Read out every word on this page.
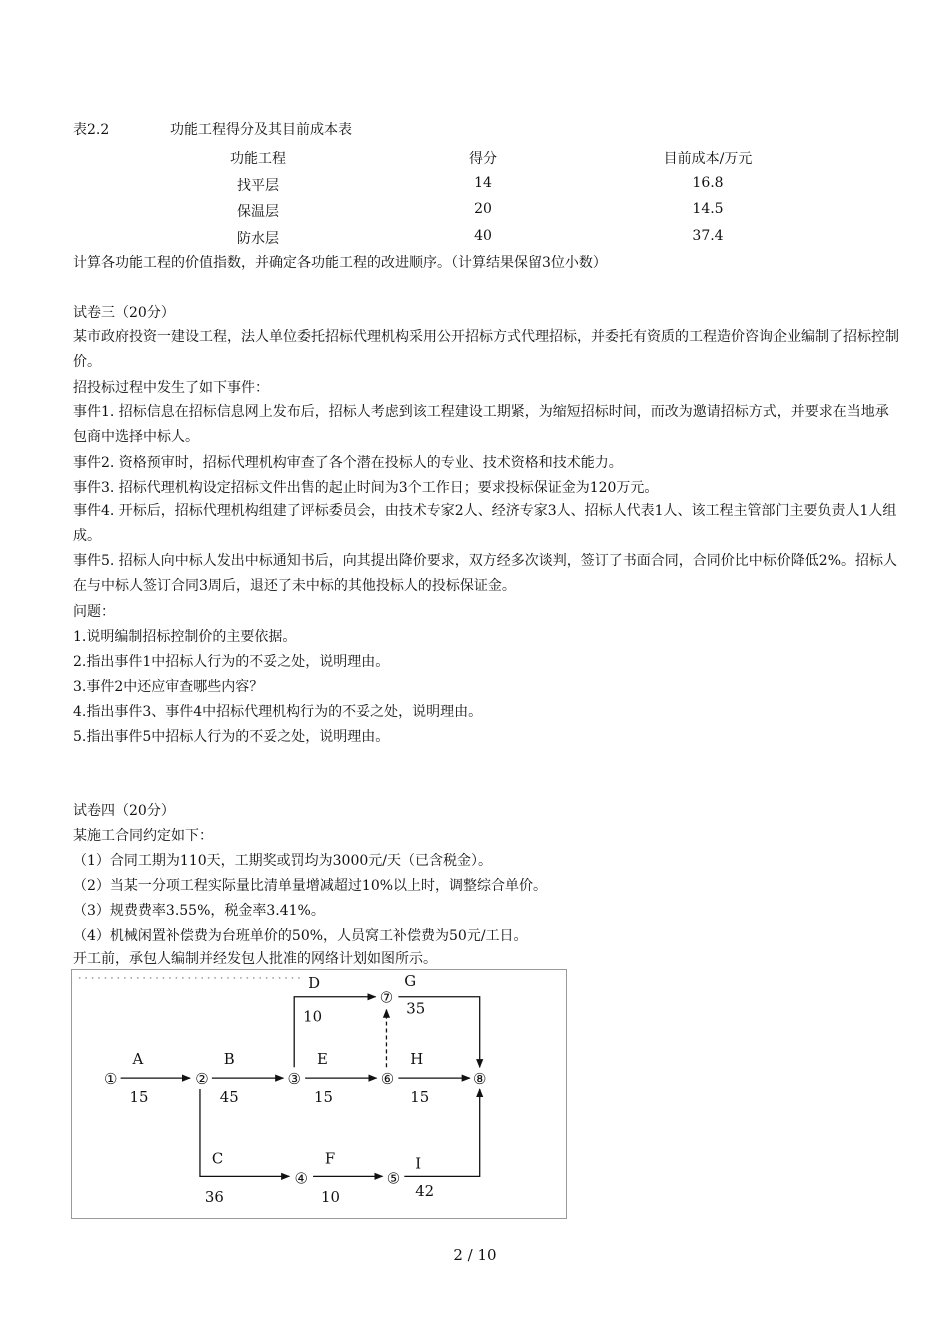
表2.2	功能工程得分及其目前成本表
功能工程	得分	目前成本/万元
找平层	14	16.8
保温层	20	14.5
防水层	40	37.4
计算各功能工程的价值指数，并确定各功能工程的改进顺序。（计算结果保留3位小数）
试卷三（20分）
某市政府投资一建设工程，法人单位委托招标代理机构采用公开招标方式代理招标，并委托有资质的工程造价咨询企业编制了招标控制价。
招投标过程中发生了如下事件：
事件1. 招标信息在招标信息网上发布后，招标人考虑到该工程建设工期紧，为缩短招标时间，而改为邀请招标方式，并要求在当地承包商中选择中标人。
事件2. 资格预审时，招标代理机构审查了各个潜在投标人的专业、技术资格和技术能力。
事件3. 招标代理机构设定招标文件出售的起止时间为3个工作日；要求投标保证金为120万元。
事件4. 开标后，招标代理机构组建了评标委员会，由技术专家2人、经济专家3人、招标人代表1人、该工程主管部门主要负责人1人组成。
事件5. 招标人向中标人发出中标通知书后，向其提出降价要求，双方经多次谈判，签订了书面合同，合同价比中标价降低2%。招标人在与中标人签订合同3周后，退还了未中标的其他投标人的投标保证金。
问题：
1.说明编制招标控制价的主要依据。
2.指出事件1中招标人行为的不妥之处，说明理由。
3.事件2中还应审查哪些内容？
4.指出事件3、事件4中招标代理机构行为的不妥之处，说明理由。
5.指出事件5中招标人行为的不妥之处，说明理由。
试卷四（20分）
某施工合同约定如下：
（1）合同工期为110天，工期奖或罚均为3000元/天（已含税金）。
（2）当某一分项工程实际量比清单量增减超过10%以上时，调整综合单价。
（3）规费费率3.55%，税金率3.41%。
（4）机械闲置补偿费为台班单价的50%，人员窝工补偿费为50元/工日。
开工前，承包人编制并经发包人批准的网络计划如图所示。
①	②	③
④	⑤
⑥
⑦
⑧
A	B
C
D
E
F
G
H
I
15	45
36
10
15
10
35
15
42
2 / 10
